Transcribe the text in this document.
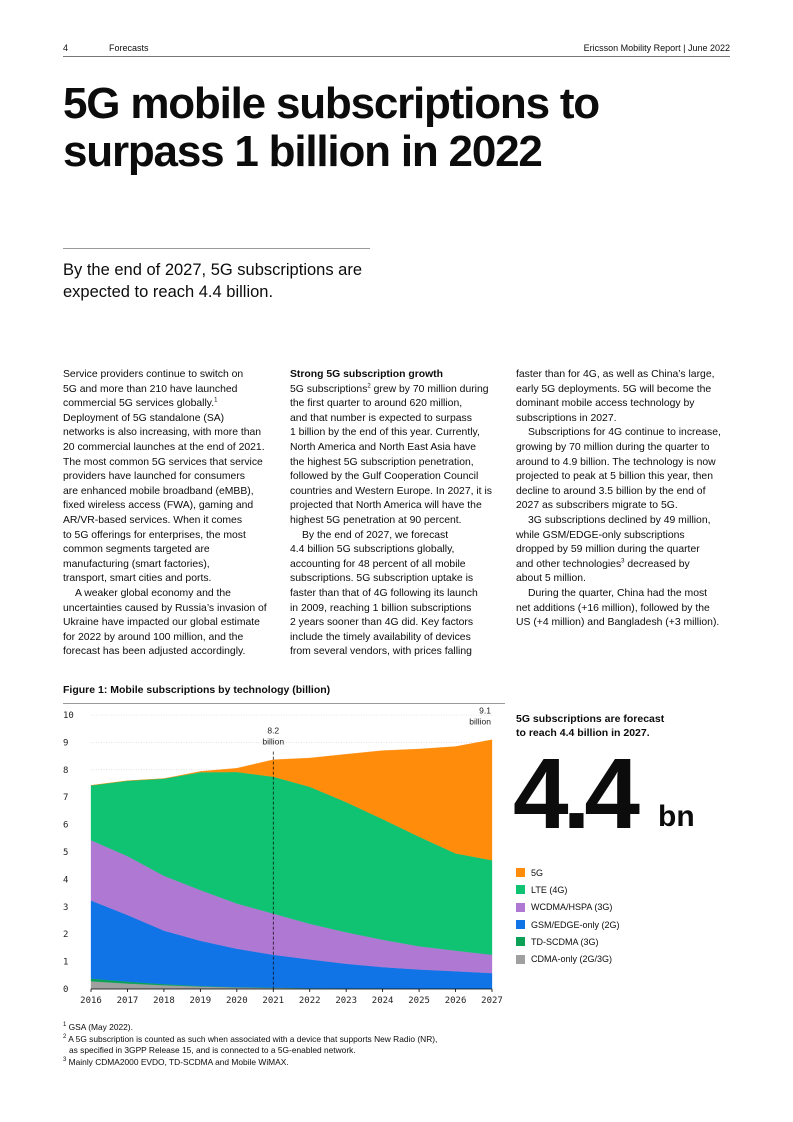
4	Forecasts	Ericsson Mobility Report | June 2022
5G mobile subscriptions to
surpass 1 billion in 2022
By the end of 2027, 5G subscriptions are
expected to reach 4.4 billion.

Service providers continue to switch on
5G and more than 210 have launched
commercial 5G services globally.$^1$
Deployment of 5G standalone (SA)
networks is also increasing, with more than
20 commercial launches at the end of 2021.
The most common 5G services that service
providers have launched for consumers
are enhanced mobile broadband (eMBB),
fixed wireless access (FWA), gaming and
AR/VR-based services. When it comes
to 5G offerings for enterprises, the most
common segments targeted are
manufacturing (smart factories),
transport, smart cities and ports.

A weaker global economy and the
uncertainties caused by Russia’s invasion of
Ukraine have impacted our global estimate
for 2022 by around 100 million, and the
forecast has been adjusted accordingly.

Strong 5G subscription growth

5G subscriptions$^2$ grew by 70 million during
the first quarter to around 620 million,
and that number is expected to surpass
1 billion by the end of this year. Currently,
North America and North East Asia have
the highest 5G subscription penetration,
followed by the Gulf Cooperation Council
countries and Western Europe. In 2027, it is
projected that North America will have the
highest 5G penetration at 90 percent.

By the end of 2027, we forecast
4.4 billion 5G subscriptions globally,
accounting for 48 percent of all mobile
subscriptions. 5G subscription uptake is
faster than that of 4G following its launch
in 2009, reaching 1 billion subscriptions
2 years sooner than 4G did. Key factors
include the timely availability of devices
from several vendors, with prices falling

faster than for 4G, as well as China’s large,
early 5G deployments. 5G will become the
dominant mobile access technology by
subscriptions in 2027.

Subscriptions for 4G continue to increase,
growing by 70 million during the quarter to
around to 4.9 billion. The technology is now
projected to peak at 5 billion this year, then
decline to around 3.5 billion by the end of
2027 as subscribers migrate to 5G.

3G subscriptions declined by 49 million,
while GSM/EDGE-only subscriptions
dropped by 59 million during the quarter
and other technologies$^3$ decreased by
about 5 million.

During the quarter, China had the most
net additions (+16 million), followed by the
US (+4 million) and Bangladesh (+3 million).

Figure 1: Mobile subscriptions by technology (billion)
8.2
billion
9.1
billion
0
1
2
3
4
5
6
7
8
9
10
2016 2017 2018 2019 2020 2021 2022 2023 2024 2025 2026 2027
5G subscriptions are forecast
to reach 4.4 billion in 2027.
4.4 bn
5G
LTE (4G)
WCDMA/HSPA (3G)
GSM/EDGE-only (2G)
TD-SCDMA (3G)
CDMA-only (2G/3G)
$^1$ GSA (May 2022).
$^2$ A 5G subscription is counted as such when associated with a device that supports New Radio (NR),
as specified in 3GPP Release 15, and is connected to a 5G-enabled network.
$^3$ Mainly CDMA2000 EVDO, TD-SCDMA and Mobile WiMAX.
